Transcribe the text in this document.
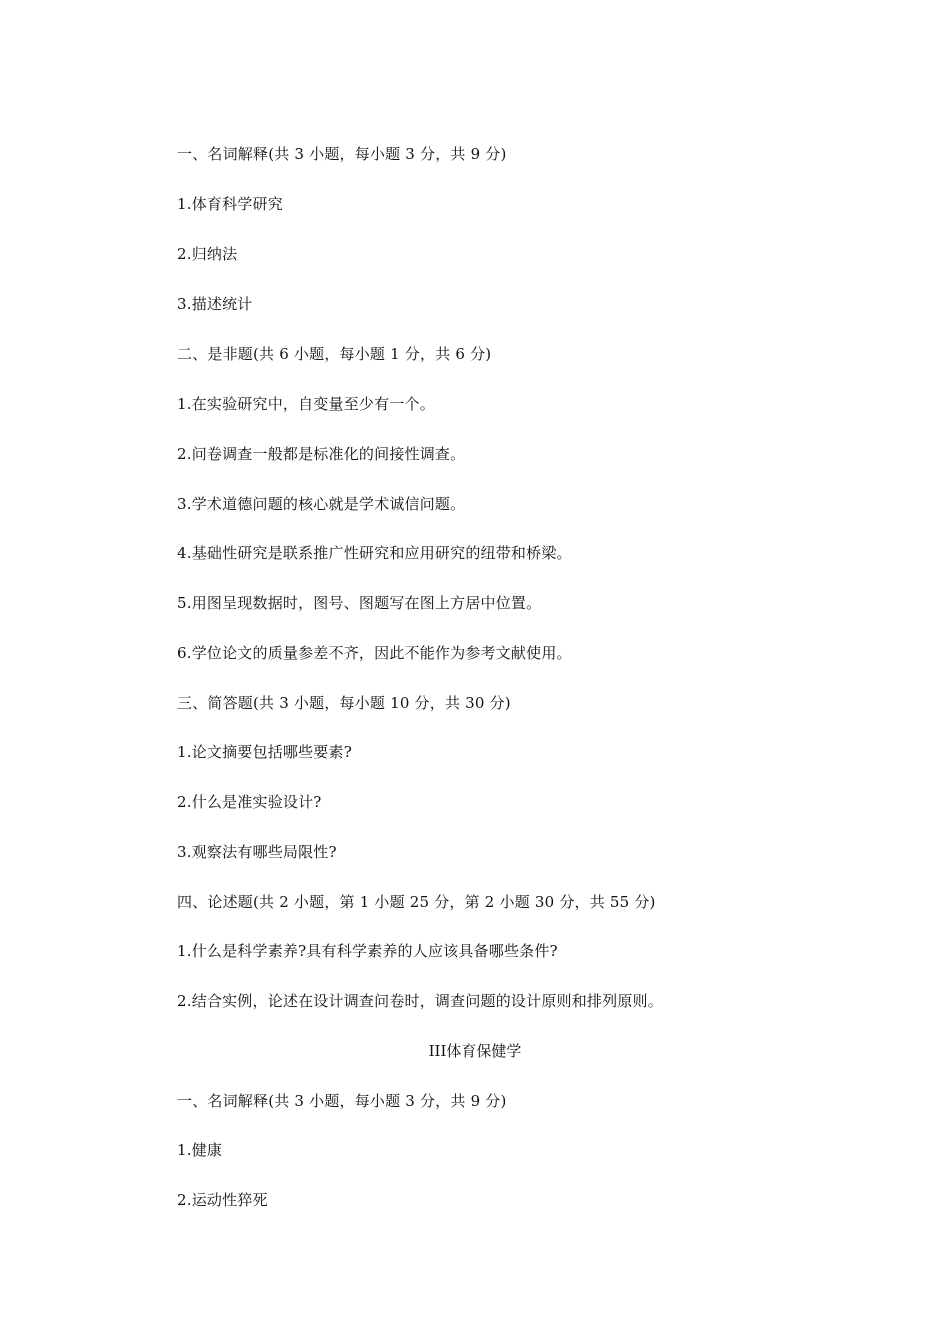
一、名词解释(共 3 小题，每小题 3 分，共 9 分)
1.体育科学研究
2.归纳法
3.描述统计
二、是非题(共 6 小题，每小题 1 分，共 6 分)
1.在实验研究中，自变量至少有一个。
2.问卷调查一般都是标准化的间接性调查。
3.学术道德问题的核心就是学术诚信问题。
4.基础性研究是联系推广性研究和应用研究的纽带和桥梁。
5.用图呈现数据时，图号、图题写在图上方居中位置。
6.学位论文的质量参差不齐，因此不能作为参考文献使用。
三、简答题(共 3 小题，每小题 10 分，共 30 分)
1.论文摘要包括哪些要素?
2.什么是准实验设计?
3.观察法有哪些局限性?
四、论述题(共 2 小题，第 1 小题 25 分，第 2 小题 30 分，共 55 分)
1.什么是科学素养?具有科学素养的人应该具备哪些条件?
2.结合实例，论述在设计调查问卷时，调查问题的设计原则和排列原则。
III体育保健学
一、名词解释(共 3 小题，每小题 3 分，共 9 分)
1.健康
2.运动性猝死
